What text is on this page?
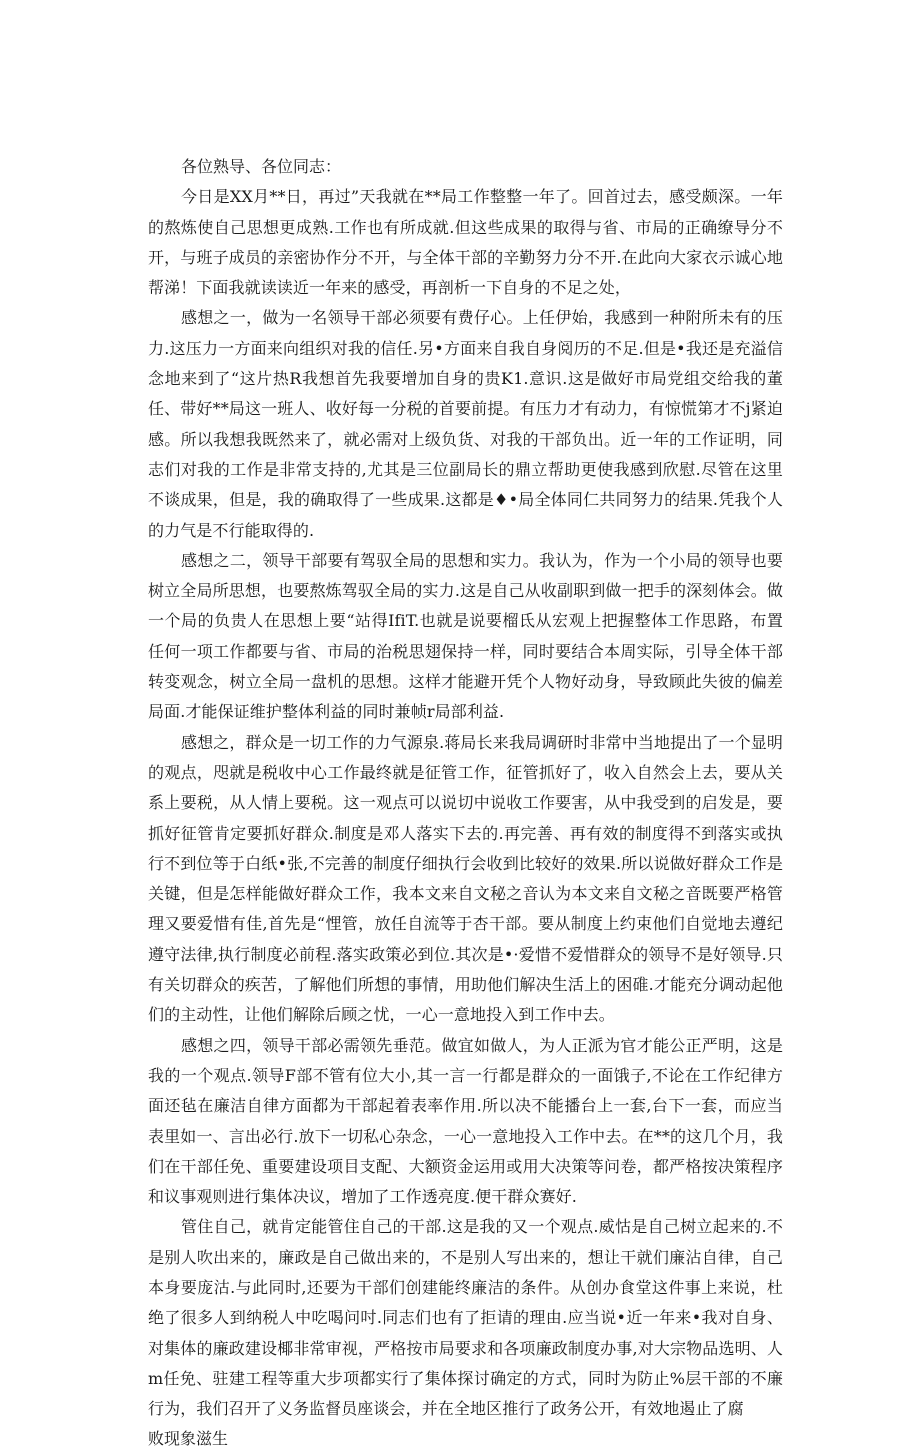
各位熟导、各位同志：

今日是XX月**日，再过”天我就在**局工作整整一年了。回首过去，感受颇深。一年的熬炼使自己思想更成熟.工作也有所成就.但这些成果的取得与省、市局的正确缭导分不开，与班子成员的亲密协作分不开，与全体干部的辛勤努力分不开.在此向大家衣示诚心地帮涕！下面我就读读近一年来的感受，再剖析一下自身的不足之处，

感想之一，做为一名领导干部必须要有费仔心。上任伊始，我感到一种附所未有的压力.这压力一方面来向组织对我的信任.另•方面来自我自身阅历的不足.但是•我还是充溢信念地来到了“这片热R我想首先我要增加自身的贵K1.意识.这是做好市局党组交给我的董任、带好**局这一班人、收好每一分税的首要前提。有压力才有动力，有惊慌第才不j紧迫感。所以我想我既然来了，就必需对上级负货、对我的干部负出。近一年的工作证明，同志们对我的工作是非常支持的,尤其是三位副局长的鼎立帮助更使我感到欣慰.尽管在这里不谈成果，但是，我的确取得了一些成果.这都是♦•局全体同仁共同努力的结果.凭我个人的力气是不行能取得的.

感想之二，领导干部要有驾驭全局的思想和实力。我认为，作为一个小局的领导也要树立全局所思想，也要熬炼驾驭全局的实力.这是自己从收副职到做一把手的深刻体会。做一个局的负贵人在思想上要“站得IfiT.也就是说要榴氐从宏观上把握整体工作思路，布置任何一项工作都要与省、市局的治税思翅保持一样，同时要结合本周实际，引导全体干部转变观念，树立全局一盘机的思想。这样才能避开凭个人物好动身，导致顾此失彼的偏差局面.才能保证维护整体利益的同时兼帧r局部利益.

感想之，群众是一切工作的力气源泉.蒋局长来我局调研时非常中当地提出了一个显明的观点，咫就是税收中心工作最终就是征管工作，征管抓好了，收入自然会上去，要从关系上要税，从人情上要税。这一观点可以说切中说收工作要害，从中我受到的启发是，要抓好征管肯定要抓好群众.制度是邓人落实下去的.再完善、再有效的制度得不到落实或执行不到位等于白纸•张,不完善的制度仔细执行会收到比较好的效果.所以说做好群众工作是关键，但是怎样能做好群众工作，我本文来自文秘之音认为本文来自文秘之音既要严格管理又要爱惜有佳,首先是“悝管，放任自流等于杏干部。要从制度上约束他们自觉地去遵纪遵守法律,执行制度必前程.落实政策必到位.其次是•·爱惜不爱惜群众的领导不是好领导.只有关切群众的疾苦，了解他们所想的事情，用助他们解决生活上的困碓.才能充分调动起他们的主动性，让他们解除后顾之忧，一心一意地投入到工作中去。

感想之四，领导干部必需领先垂范。做宜如做人，为人正派为官才能公正严明，这是我的一个观点.领导F部不管有位大小,其一言一行都是群众的一面饿子,不论在工作纪律方面还毡在廉洁自律方面都为干部起着表率作用.所以决不能播台上一套,台下一套，而应当表里如一、言出必行.放下一切私心杂念，一心一意地投入工作中去。在**的这几个月，我们在干部任免、重要建设项目支配、大额资金运用或用大决策等问卷，都严格按决策程序和议事观则进行集体决议，增加了工作透亮度.便干群众赛好.

管住自己，就肯定能管住自己的干部.这是我的又一个观点.威怙是自己树立起来的.不是别人吹出来的，廉政是自己做出来的，不是别人写出来的，想让干就们廉沾自律，自己本身要庞沽.与此同时,还要为干部们创建能终廉洁的条件。从创办食堂这件事上来说，杜绝了很多人到纳税人中吃喝问吋.同志们也有了拒请的理由.应当说•近一年来•我对自身、对集体的廉政建设椰非常审视，严格按市局要求和各项廉政制度办事,对大宗物品选明、人m任免、驻建工程等重大步项都实行了集体探讨确定的方式，同时为防止%层干部的不廉行为，我们召开了义务监督员座谈会，并在全地区推行了政务公开，有效地遏止了腐

败现象滋生
